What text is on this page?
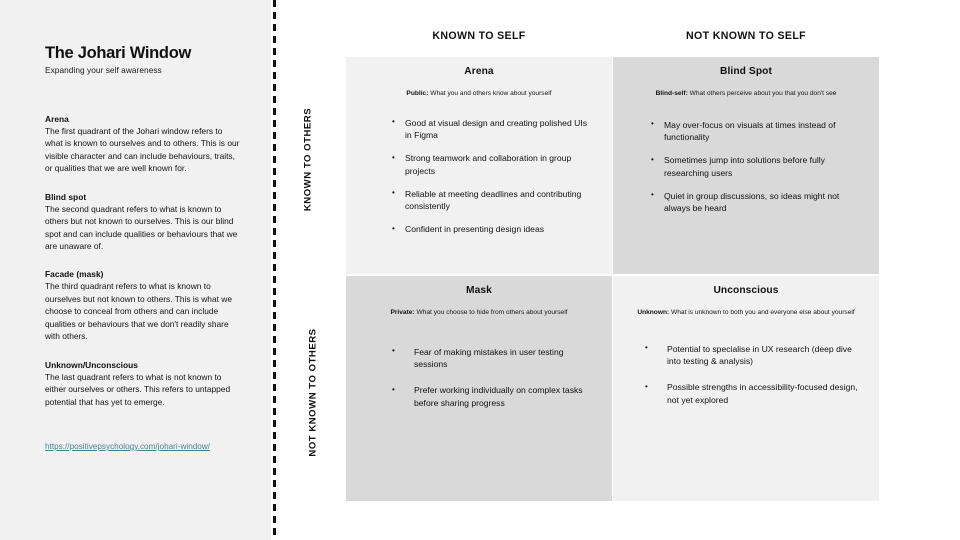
The Johari Window

Expanding your self awareness

Arena

The first quadrant of the Johari window refers to what is known to ourselves and to others. This is our visible character and can include behaviours, traits, or qualities that we are well known for.

Blind spot

The second quadrant refers to what is known to others but not known to ourselves. This is our blind spot and can include qualities or behaviours that we are unaware of.

Facade (mask)

The third quadrant refers to what is known to ourselves but not known to others. This is what we choose to conceal from others and can include qualities or behaviours that we don't readily share with others.

Unknown/Unconscious

The last quadrant refers to what is not known to either ourselves or others. This refers to untapped potential that has yet to emerge.

https://positivepsychology.com/johari-window/
KNOWN TO SELF	NOT KNOWN TO SELF
KNOWN TO OTHERS
NOT KNOWN TO OTHERS

Arena

Public: What you and others know about yourself

• Good at visual design and creating polished UIs in Figma
• Strong teamwork and collaboration in group projects
• Reliable at meeting deadlines and contributing consistently
• Confident in presenting design ideas

Blind Spot

Blind-self: What others perceive about you that you don't see

• May over-focus on visuals at times instead of functionality
• Sometimes jump into solutions before fully researching users
• Quiet in group discussions, so ideas might not always be heard

Mask

Private: What you choose to hide from others about yourself

• Fear of making mistakes in user testing sessions
• Prefer working individually on complex tasks before sharing progress

Unconscious

Unknown: What is unknown to both you and everyone else about yourself

• Potential to specialise in UX research (deep dive into testing & analysis)
• Possible strengths in accessibility-focused design, not yet explored
